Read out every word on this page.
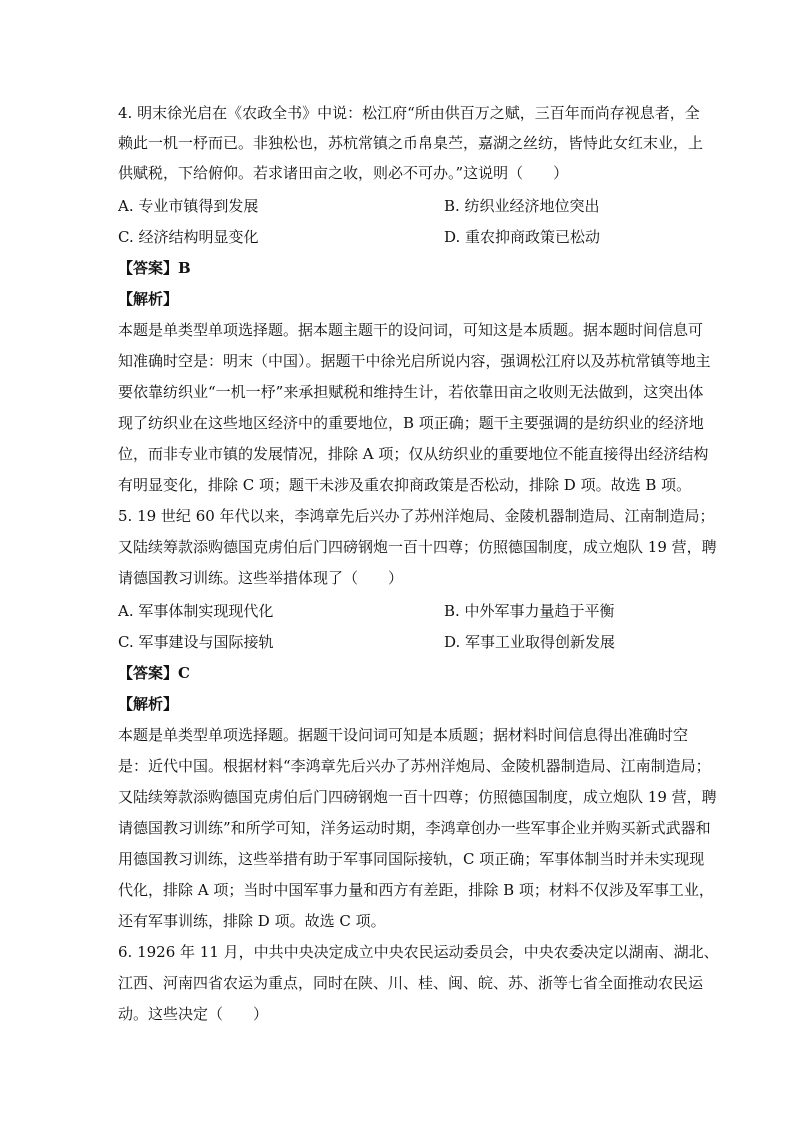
4. 明末徐光启在《农政全书》中说：松江府“所由供百万之赋，三百年而尚存视息者，全
赖此一机一杼而已。非独松也，苏杭常镇之币帛臬苎，嘉湖之丝纺，皆恃此女红末业，上
供赋税，下给俯仰。若求诸田亩之收，则必不可办。”这说明（　　）
A. 专业市镇得到发展	B. 纺织业经济地位突出
C. 经济结构明显变化	D. 重农抑商政策已松动
【答案】B
【解析】
本题是单类型单项选择题。据本题主题干的设问词，可知这是本质题。据本题时间信息可
知准确时空是：明末（中国）。据题干中徐光启所说内容，强调松江府以及苏杭常镇等地主
要依靠纺织业“一机一杼”来承担赋税和维持生计，若依靠田亩之收则无法做到，这突出体
现了纺织业在这些地区经济中的重要地位，B 项正确；题干主要强调的是纺织业的经济地
位，而非专业市镇的发展情况，排除 A 项；仅从纺织业的重要地位不能直接得出经济结构
有明显变化，排除 C 项；题干未涉及重农抑商政策是否松动，排除 D 项。故选 B 项。
5. 19 世纪 60 年代以来，李鸿章先后兴办了苏州洋炮局、金陵机器制造局、江南制造局；
又陆续筹款添购德国克虏伯后门四磅钢炮一百十四尊；仿照德国制度，成立炮队 19 营，聘
请德国教习训练。这些举措体现了（　　）
A. 军事体制实现现代化	B. 中外军事力量趋于平衡
C. 军事建设与国际接轨	D. 军事工业取得创新发展
【答案】C
【解析】
本题是单类型单项选择题。据题干设问词可知是本质题；据材料时间信息得出准确时空
是：近代中国。根据材料“李鸿章先后兴办了苏州洋炮局、金陵机器制造局、江南制造局；
又陆续筹款添购德国克虏伯后门四磅钢炮一百十四尊；仿照德国制度，成立炮队 19 营，聘
请德国教习训练”和所学可知，洋务运动时期，李鸿章创办一些军事企业并购买新式武器和
用德国教习训练，这些举措有助于军事同国际接轨，C 项正确；军事体制当时并未实现现
代化，排除 A 项；当时中国军事力量和西方有差距，排除 B 项；材料不仅涉及军事工业，
还有军事训练，排除 D 项。故选 C 项。
6. 1926 年 11 月，中共中央决定成立中央农民运动委员会，中央农委决定以湖南、湖北、
江西、河南四省农运为重点，同时在陕、川、桂、闽、皖、苏、浙等七省全面推动农民运
动。这些决定（　　）
